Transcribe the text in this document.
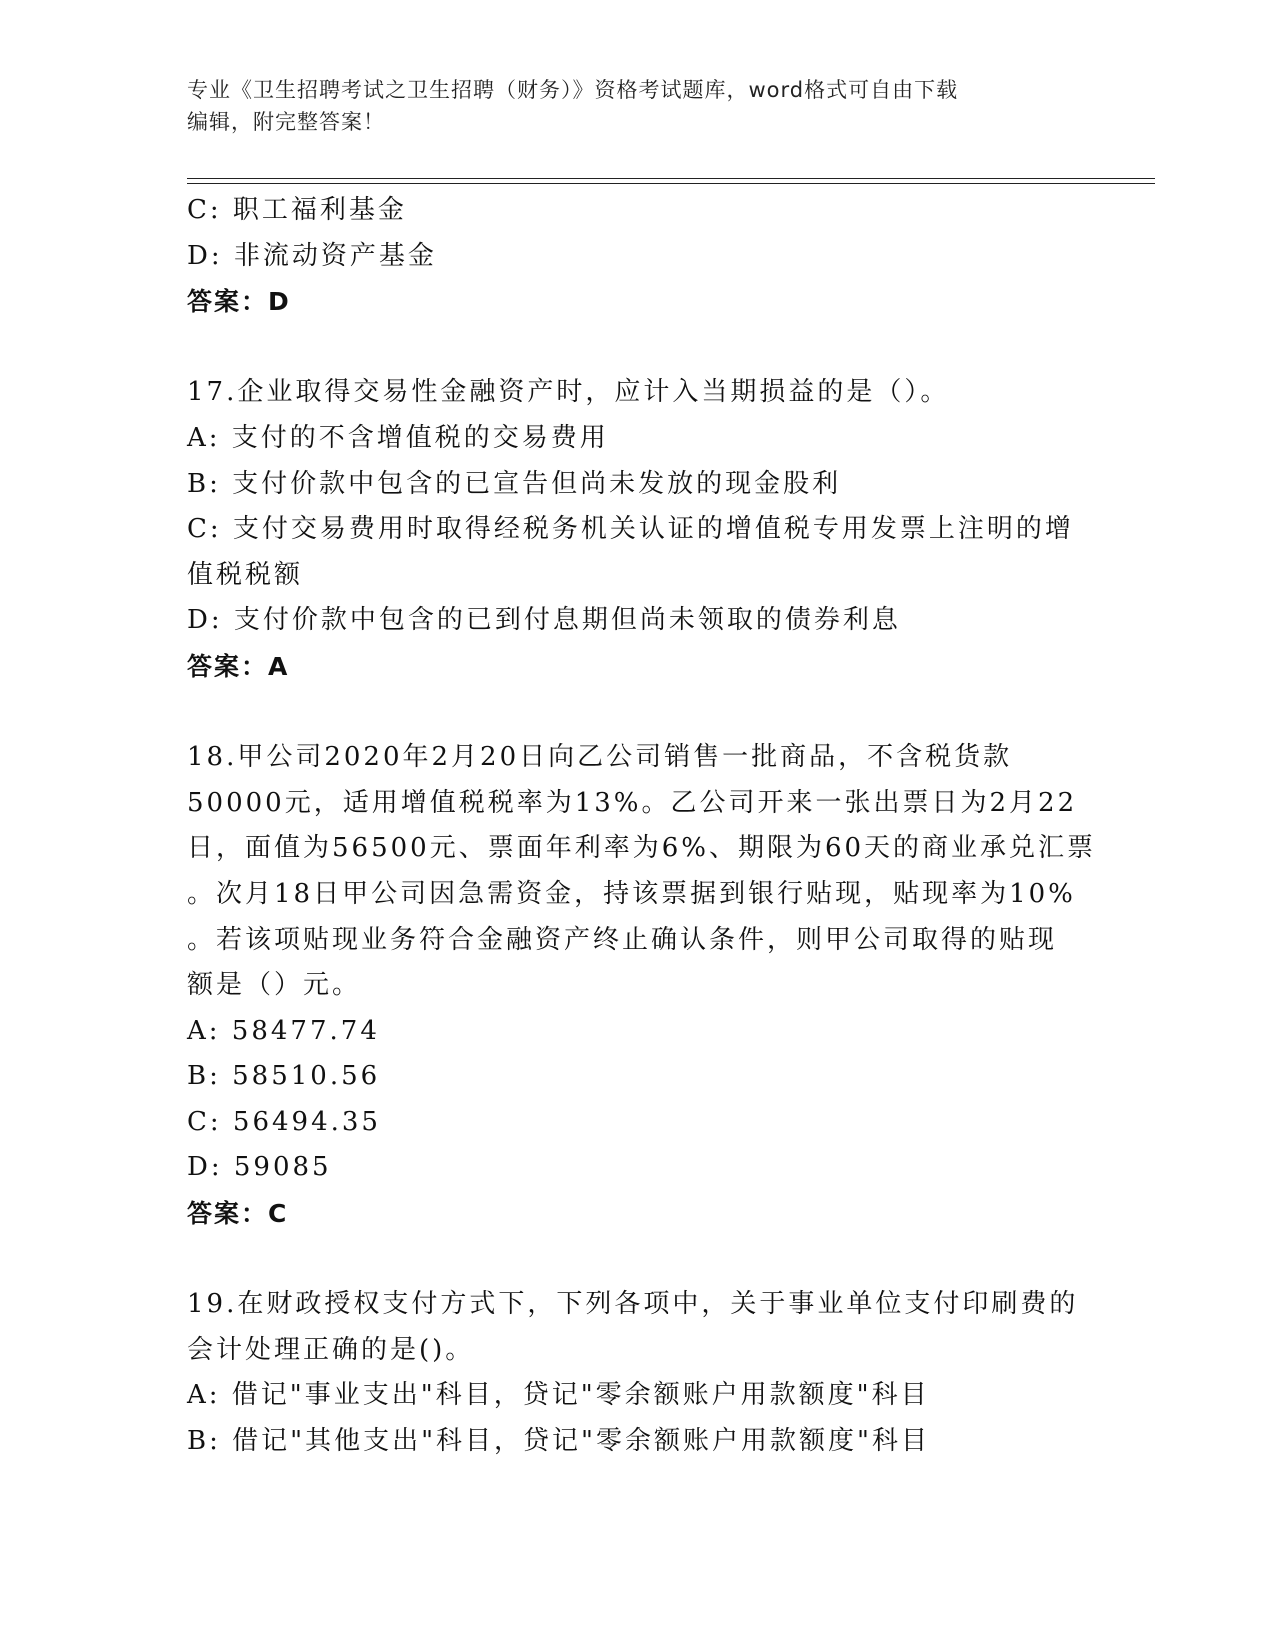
专业《卫生招聘考试之卫生招聘（财务）》资格考试题库，word格式可自由下载
编辑，附完整答案！
C: 职工福利基金
D: 非流动资产基金
答案：D
17.企业取得交易性金融资产时，应计入当期损益的是（）。
A: 支付的不含增值税的交易费用
B: 支付价款中包含的已宣告但尚未发放的现金股利
C: 支付交易费用时取得经税务机关认证的增值税专用发票上注明的增
值税税额
D: 支付价款中包含的已到付息期但尚未领取的债券利息
答案：A
18.甲公司2020年2月20日向乙公司销售一批商品，不含税货款
50000元，适用增值税税率为13%。乙公司开来一张出票日为2月22
日，面值为56500元、票面年利率为6%、期限为60天的商业承兑汇票
。次月18日甲公司因急需资金，持该票据到银行贴现，贴现率为10%
。若该项贴现业务符合金融资产终止确认条件，则甲公司取得的贴现
额是（）元。
A: 58477.74
B: 58510.56
C: 56494.35
D: 59085
答案：C
19.在财政授权支付方式下，下列各项中，关于事业单位支付印刷费的
会计处理正确的是()。
A: 借记"事业支出"科目，贷记"零余额账户用款额度"科目
B: 借记"其他支出"科目，贷记"零余额账户用款额度"科目
